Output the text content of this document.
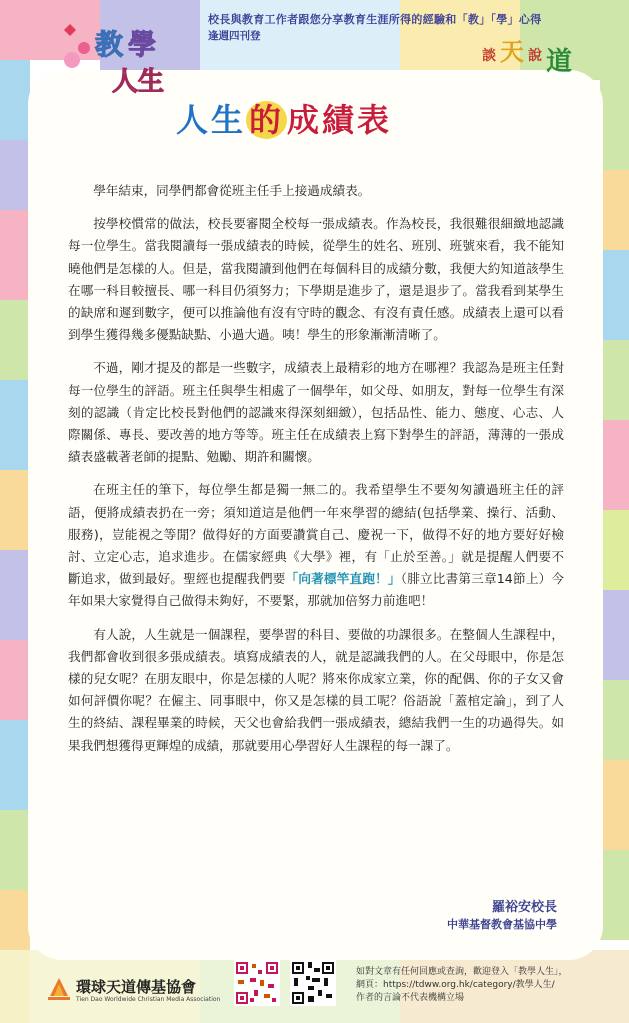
校長與教育工作者跟您分享教育生涯所得的經驗和「教」「學」心得
逢週四刊登
教 學
人生
談 天 說 道
人生的成績表

學年結束，同學們都會從班主任手上接過成績表。

按學校慣常的做法，校長要審閱全校每一張成績表。作為校長，我很難很細緻地認識每一位學生。當我閱讀每一張成績表的時候，從學生的姓名、班別、班號來看，我不能知曉他們是怎樣的人。但是，當我閱讀到他們在每個科目的成績分數，我便大約知道該學生在哪一科目較擅長、哪一科目仍須努力；下學期是進步了，還是退步了。當我看到某學生的缺席和遲到數字，便可以推論他有沒有守時的觀念、有沒有責任感。成績表上還可以看到學生獲得幾多優點缺點、小過大過。咦！學生的形象漸漸清晰了。

不過，剛才提及的都是一些數字，成績表上最精彩的地方在哪裡？我認為是班主任對每一位學生的評語。班主任與學生相處了一個學年，如父母、如朋友，對每一位學生有深刻的認識（肯定比校長對他們的認識來得深刻細緻），包括品性、能力、態度、心志、人際關係、專長、要改善的地方等等。班主任在成績表上寫下對學生的評語，薄薄的一張成績表盛載著老師的提點、勉勵、期許和關懷。

在班主任的筆下，每位學生都是獨一無二的。我希望學生不要匆匆讀過班主任的評語，便將成績表扔在一旁；須知道這是他們一年來學習的總結(包括學業、操行、活動、服務)，豈能視之等閒？做得好的方面要讚賞自己、慶祝一下，做得不好的地方要好好檢討、立定心志，追求進步。在儒家經典《大學》裡，有「止於至善。」就是提醒人們要不斷追求，做到最好。聖經也提醒我們要「向著標竿直跑！」（腓立比書第三章14節上）今年如果大家覺得自己做得未夠好，不要緊，那就加倍努力前進吧！

有人說，人生就是一個課程，要學習的科目、要做的功課很多。在整個人生課程中，我們都會收到很多張成績表。填寫成績表的人，就是認識我們的人。在父母眼中，你是怎樣的兒女呢？在朋友眼中，你是怎樣的人呢？將來你成家立業，你的配偶、你的子女又會如何評價你呢？在僱主、同事眼中，你又是怎樣的員工呢？俗語說「蓋棺定論」，到了人生的終結、課程畢業的時候，天父也會給我們一張成績表，總結我們一生的功過得失。如果我們想獲得更輝煌的成績，那就要用心學習好人生課程的每一課了。

羅裕安校長
中華基督教會基協中學
環球天道傳基協會
Tien Dao Worldwide Christian Media Association
如對文章有任何回應或查詢，歡迎登入「教學人生」，
網頁：https://tdww.org.hk/category/教學人生/
作者的言論不代表機構立場
